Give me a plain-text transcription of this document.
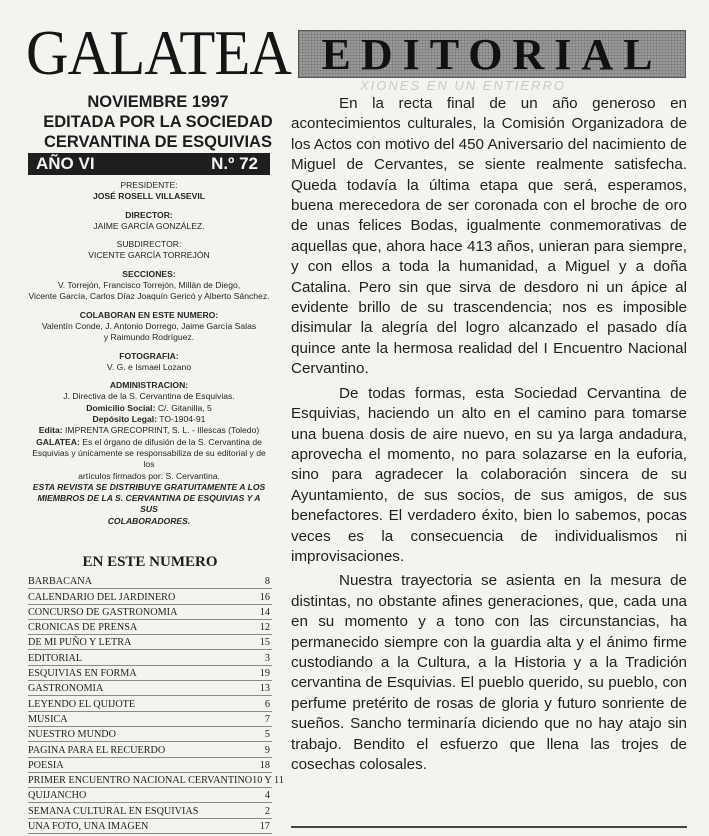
GALATEA EDITORIAL
XIONES EN UN ENTIERRO
NOVIEMBRE 1997
EDITADA POR LA SOCIEDAD
CERVANTINA DE ESQUIVIAS
AÑO VI	N.º 72
PRESIDENTE:
JOSÉ ROSELL VILLASEVIL
DIRECTOR:
JAIME GARCÍA GONZÁLEZ.
SUBDIRECTOR:
VICENTE GARCÍA TORREJÓN
SECCIONES:
V. Torrejón, Francisco Torrejón, Millán de Diego,
Vicente García, Carlos Díaz Joaquín Gericó y Alberto Sánchez.
COLABORAN EN ESTE NUMERO:
Valentín Conde, J. Antonio Dorrego, Jaime García Salas
y Raimundo Rodríguez.
FOTOGRAFIA:
V. G. e Ismael Lozano
ADMINISTRACION:
J. Directiva de la S. Cervantina de Esquivias.
Domicilio Social: C/. Gitanilla, 5
Depósito Legal: TO-1904-91
Edita: IMPRENTA GRECOPRINT, S. L. - Illescas (Toledo)
GALATEA: Es el órgano de difusión de la S. Cervantina de
Esquivias y únicamente se responsabiliza de su editorial y de los
artículos firmados por: S. Cervantina.
ESTA REVISTA SE DISTRIBUYE GRATUITAMENTE A LOS
MIEMBROS DE LA S. CERVANTINA DE ESQUIVIAS Y A SUS
COLABORADORES.
EN ESTE NUMERO
BARBACANA	8
CALENDARIO DEL JARDINERO	16
CONCURSO DE GASTRONOMIA	14
CRONICAS DE PRENSA	12
DE MI PUÑO Y LETRA	15
EDITORIAL	3
ESQUIVIAS EN FORMA	19
GASTRONOMIA	13
LEYENDO EL QUIJOTE	6
MUSICA	7
NUESTRO MUNDO	5
PAGINA PARA EL RECUERDO	9
POESIA	18
PRIMER ENCUENTRO NACIONAL CERVANTINO 10 Y 11
QUIJANCHO	4
SEMANA CULTURAL EN ESQUIVIAS	2
UNA FOTO, UNA IMAGEN	17

En la recta final de un año generoso en acontecimientos culturales, la Comisión Organizadora de los Actos con motivo del 450 Aniversario del nacimiento de Miguel de Cervantes, se siente realmente satisfecha. Queda todavía la última etapa que será, esperamos, buena merecedora de ser coronada con el broche de oro de unas felices Bodas, igualmente conmemorativas de aquellas que, ahora hace 413 años, unieran para siempre, y con ellos a toda la humanidad, a Miguel y a doña Catalina. Pero sin que sirva de desdoro ni un ápice al evidente brillo de su trascendencia; nos es imposible disimular la alegría del logro alcanzado el pasado día quince ante la hermosa realidad del I Encuentro Nacional Cervantino.

De todas formas, esta Sociedad Cervantina de Esquivias, haciendo un alto en el camino para tomarse una buena dosis de aire nuevo, en su ya larga andadura, aprovecha el momento, no para solazarse en la euforia, sino para agradecer la colaboración sincera de su Ayuntamiento, de sus socios, de sus amigos, de sus benefactores. El verdadero éxito, bien lo sabemos, pocas veces es la consecuencia de individualismos ni improvisaciones.

Nuestra trayectoria se asienta en la mesura de distintas, no obstante afines generaciones, que, cada una en su momento y a tono con las circunstancias, ha permanecido siempre con la guardia alta y el ánimo firme custodiando a la Cultura, a la Historia y a la Tradición cervantina de Esquivias. El pueblo querido, su pueblo, con perfume pretérito de rosas de gloria y futuro sonriente de sueños. Sancho terminaría diciendo que no hay atajo sin trabajo. Bendito el esfuerzo que llena las trojes de cosechas colosales.
